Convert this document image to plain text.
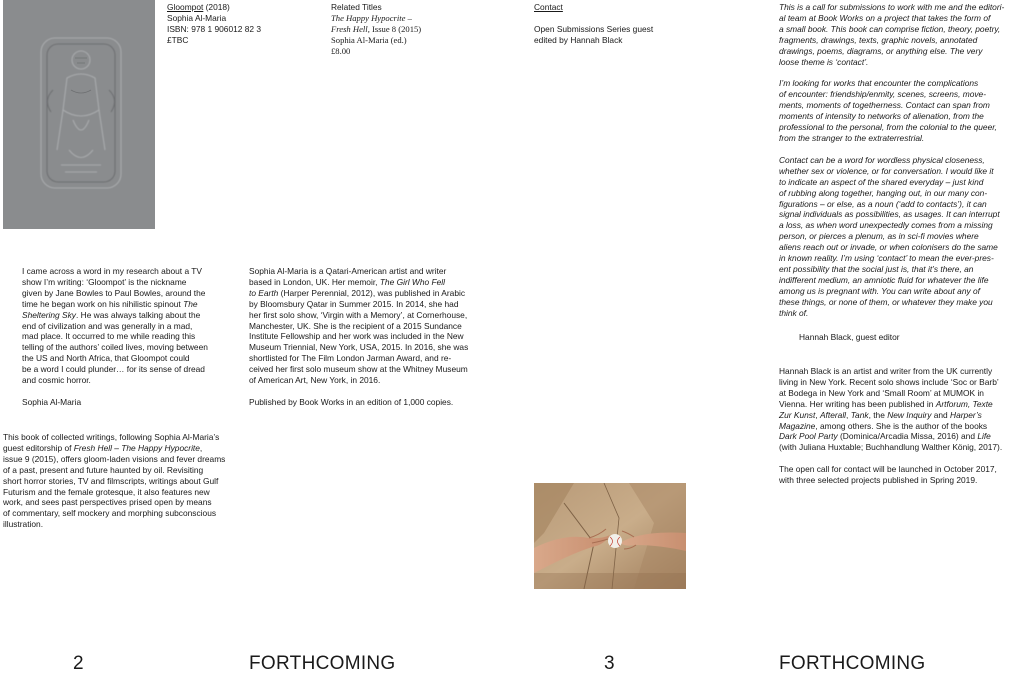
Gloompot (2018)
Sophia Al-Maria
ISBN: 978 1 906012 82 3
£TBC
Related Titles
The Happy Hypocrite –
Fresh Hell, Issue 8 (2015)
Sophia Al-Maria (ed.)
£8.00
I came across a word in my research about a TV
show I’m writing: ‘Gloompot’ is the nickname
given by Jane Bowles to Paul Bowles, around the
time he began work on his nihilistic spinout The
Sheltering Sky. He was always talking about the
end of civilization and was generally in a mad,
mad place. It occurred to me while reading this
telling of the authors’ coiled lives, moving between
the US and North Africa, that Gloompot could
be a word I could plunder… for its sense of dread
and cosmic horror.
Sophia Al-Maria
This book of collected writings, following Sophia Al-Maria’s
guest editorship of Fresh Hell – The Happy Hypocrite,
issue 9 (2015), offers gloom-laden visions and fever dreams
of a past, present and future haunted by oil. Revisiting
short horror stories, TV and filmscripts, writings about Gulf
Futurism and the female grotesque, it also features new
work, and sees past perspectives prised open by means
of commentary, self mockery and morphing subconscious
illustration.
Sophia Al-Maria is a Qatari-American artist and writer
based in London, UK. Her memoir, The Girl Who Fell
to Earth (Harper Perennial, 2012), was published in Arabic
by Bloomsbury Qatar in Summer 2015. In 2014, she had
her first solo show, ‘Virgin with a Memory’, at Cornerhouse,
Manchester, UK. She is the recipient of a 2015 Sundance
Institute Fellowship and her work was included in the New
Museum Triennial, New York, USA, 2015. In 2016, she was
shortlisted for The Film London Jarman Award, and re-
ceived her first solo museum show at the Whitney Museum
of American Art, New York, in 2016.
Published by Book Works in an edition of 1,000 copies.
2	FORTHCOMING
Contact
Open Submissions Series guest
edited by Hannah Black
This is a call for submissions to work with me and the editori-
al team at Book Works on a project that takes the form of
a small book. This book can comprise fiction, theory, poetry,
fragments, drawings, texts, graphic novels, annotated
drawings, poems, diagrams, or anything else. The very
loose theme is ‘contact’.
I’m looking for works that encounter the complications
of encounter: friendship/enmity, scenes, screens, move-
ments, moments of togetherness. Contact can span from
moments of intensity to networks of alienation, from the
professional to the personal, from the colonial to the queer,
from the stranger to the extraterrestrial.
Contact can be a word for wordless physical closeness,
whether sex or violence, or for conversation. I would like it
to indicate an aspect of the shared everyday – just kind
of rubbing along together, hanging out, in our many con-
figurations – or else, as a noun (‘add to contacts’), it can
signal individuals as possibilities, as usages. It can interrupt
a loss, as when word unexpectedly comes from a missing
person, or pierces a plenum, as in sci-fi movies where
aliens reach out or invade, or when colonisers do the same
in known reality. I’m using ‘contact’ to mean the ever-pres-
ent possibility that the social just is, that it’s there, an
indifferent medium, an amniotic fluid for whatever the life
among us is pregnant with. You can write about any of
these things, or none of them, or whatever they make you
think of.
Hannah Black, guest editor
Hannah Black is an artist and writer from the UK currently
living in New York. Recent solo shows include ‘Soc or Barb’
at Bodega in New York and ‘Small Room’ at MUMOK in
Vienna. Her writing has been published in Artforum, Texte
Zur Kunst, Afterall, Tank, the New Inquiry and Harper’s
Magazine, among others. She is the author of the books
Dark Pool Party (Dominica/Arcadia Missa, 2016) and Life
(with Juliana Huxtable; Buchhandlung Walther König, 2017).
The open call for contact will be launched in October 2017,
with three selected projects published in Spring 2019.
3	FORTHCOMING
